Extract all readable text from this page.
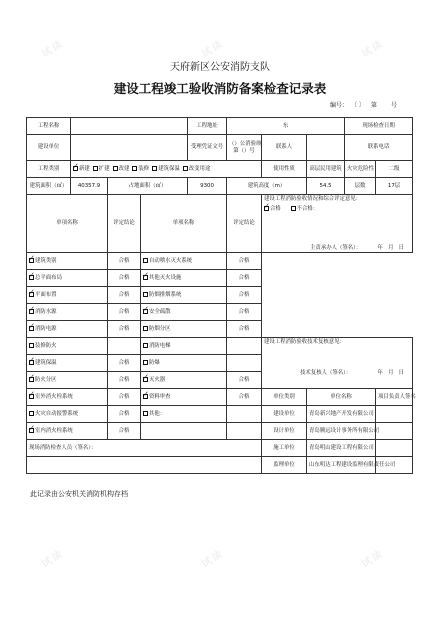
试读	试读	试读
试读	试读	试读
天府新区公安消防支队
建设工程竣工验收消防备案检查记录表
编号： 〔 〕 第 号
工程名称				工程地址	东			现场检查日期	
建设单位				受理凭证文号	（）公消验竣
第（）号	联系人		联系电话	
工程类别	✓新建 扩建 改建 装修 建筑保温 改变用途					使用性质	高层民用建筑	火灾危险性	二级
建筑面积（㎡）	40357.9	占地面积（㎡）		9300	建筑高度（m）		54.5	层数	17层
单项名称		评定结论	单项名称		评定结论	建设工程消防验收情况和综合评定意见：
✓合格 不合格：
主责承办人（签名）： 年 月 日

✓建筑类别		合格	自动喷水灭火系统		合格				
✓总平面布局		合格	✓其他灭火设施		合格				
✓平面布置		合格	防烟排烟系统		合格				
✓消防水源		合格	✓安全疏散		合格				
✓消防电源		合格	防烟分区		合格				
装修防火			消防电梯			建设工程消防验收技术复核意见：
技术复核人（签名）： 年 月 日			

✓建筑保温		合格	防爆						
✓防火分区		合格	✓灭火器		合格				
✓室外消火栓系统		合格	✓资料审查		合格	单位类别	单位名称		项目负责人签名
火灾自动报警系统		合格	其他：			建设单位	青岛新兴地产开发有限公司		
✓室内消火栓系统		合格				设计单位	青岛腾远设计事务所有限公司		
现场消防检查人员（签名）：						施工单位	青岛明山建设工程有限公司		
						监理单位	山东明达工程建设监理有限责任公司		
此记录由公安机关消防机构存档
